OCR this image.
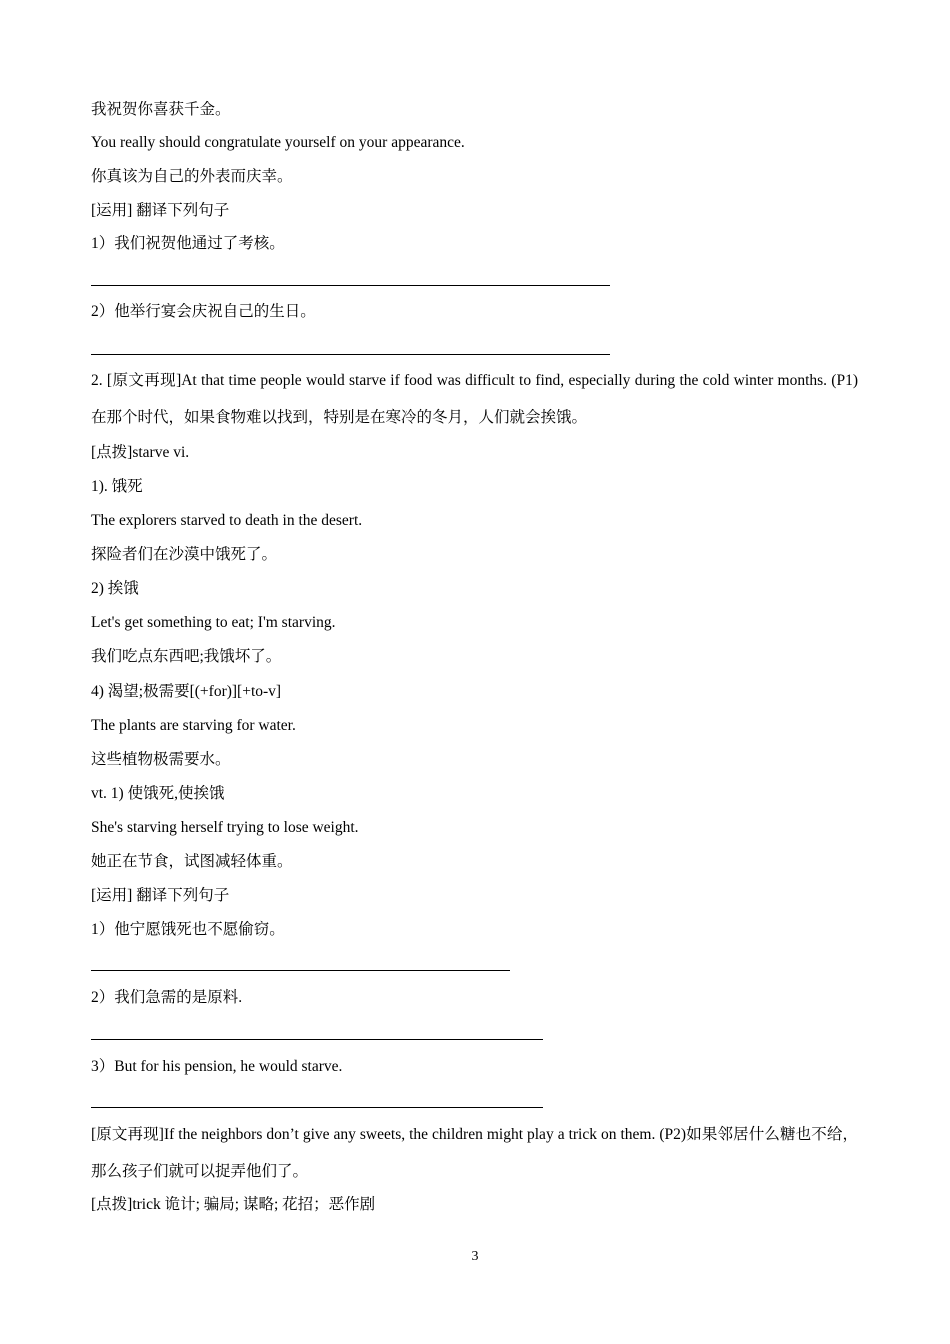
我祝贺你喜获千金。
You really should congratulate yourself on your appearance.
你真该为自己的外表而庆幸。
[运用] 翻译下列句子
1）我们祝贺他通过了考核。
2）他举行宴会庆祝自己的生日。
2. [原文再现]At that time people would starve if food was difficult to find, especially during the cold winter months. (P1) 在那个时代，如果食物难以找到，特别是在寒冷的冬月，人们就会挨饿。
[点拨]starve vi.
1). 饿死
The explorers starved to death in the desert.
探险者们在沙漠中饿死了。
2) 挨饿
Let's get something to eat; I'm starving.
我们吃点东西吧;我饿坏了。
4) 渴望;极需要[(+for)][+to-v]
The plants are starving for water.
这些植物极需要水。
vt. 1) 使饿死,使挨饿
She's starving herself trying to lose weight.
她正在节食，试图减轻体重。
[运用] 翻译下列句子
1）他宁愿饿死也不愿偷窃。
2）我们急需的是原料.
3）But for his pension, he would starve.
[原文再现]If the neighbors don’t give any sweets, the children might play a trick on them. (P2)如果邻居什么糖也不给，那么孩子们就可以捉弄他们了。
[点拨]trick 诡计; 骗局; 谋略; 花招；恶作剧
3
